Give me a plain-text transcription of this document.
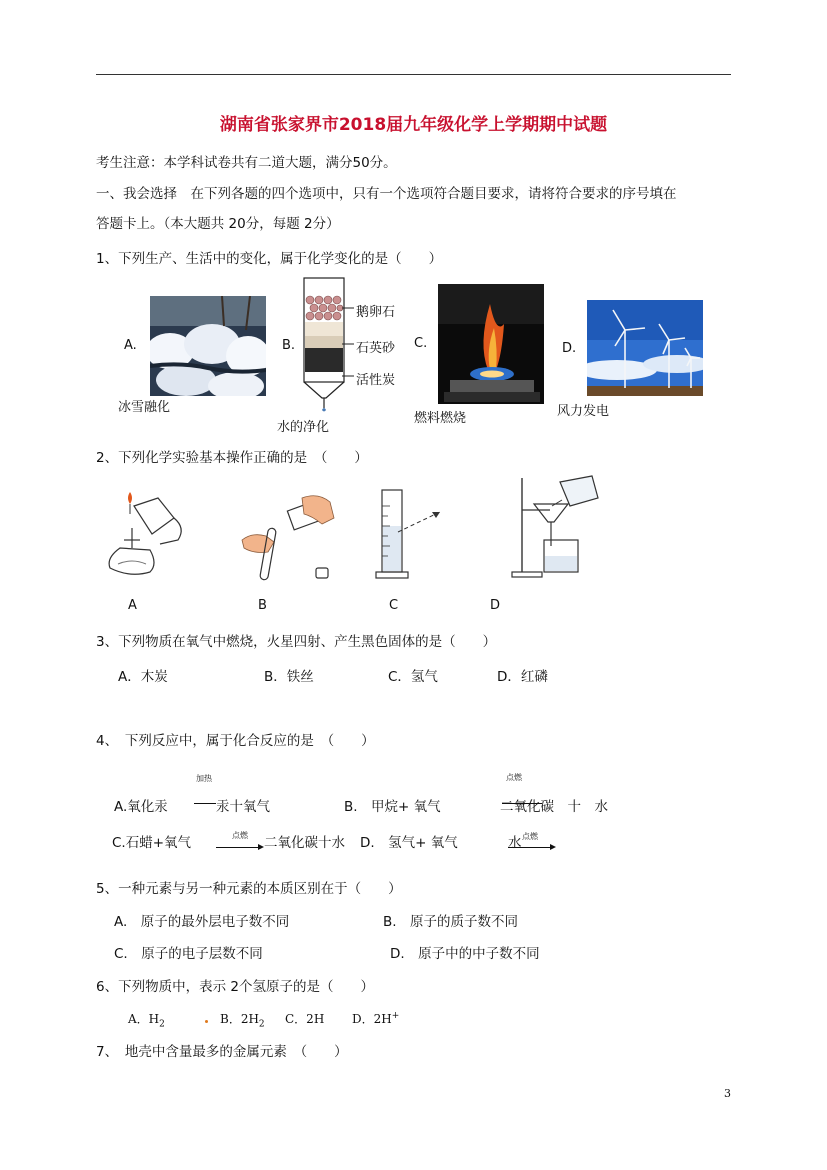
湖南省张家界市2018届九年级化学上学期期中试题
考生注意：本学科试卷共有二道大题，满分50分。
一、我会选择　在下列各题的四个选项中，只有一个选项符合题目要求，请将符合要求的序号填在
答题卡上。（本大题共 20分，每题 2分）
1、下列生产、生活中的变化，属于化学变化的是（　　）
A.
冰雪融化
B.
鹅卵石
石英砂
活性炭
水的净化
C.
燃料燃烧
D.
风力发电
2、下列化学实验基本操作正确的是　（　　）
A	B	C	D
3、下列物质在氧气中燃烧，火星四射、产生黑色固体的是（　　）
A．木炭	B．铁丝	C．氢气	D．红磷
4、　下列反应中，属于化合反应的是　（　　）
加热	点燃
A.氧化汞	汞十氧气	B.　甲烷+ 氧气	二氧化碳　十　水
C.石蜡+氧气	点燃 二氧化碳十水 D.　氢气+ 氧气	水 点燃
5、一种元素与另一种元素的本质区别在于（　　）
A.　原子的最外层电子数不同	B.　原子的质子数不同
C.　原子的电子层数不同	D.　原子中的中子数不同
6、下列物质中，表示 2个氢原子的是（　　）
A．$H_2$	B．$2H_2$ C．2H D．2H+
7、　地壳中含量最多的金属元素　（　　）
3
